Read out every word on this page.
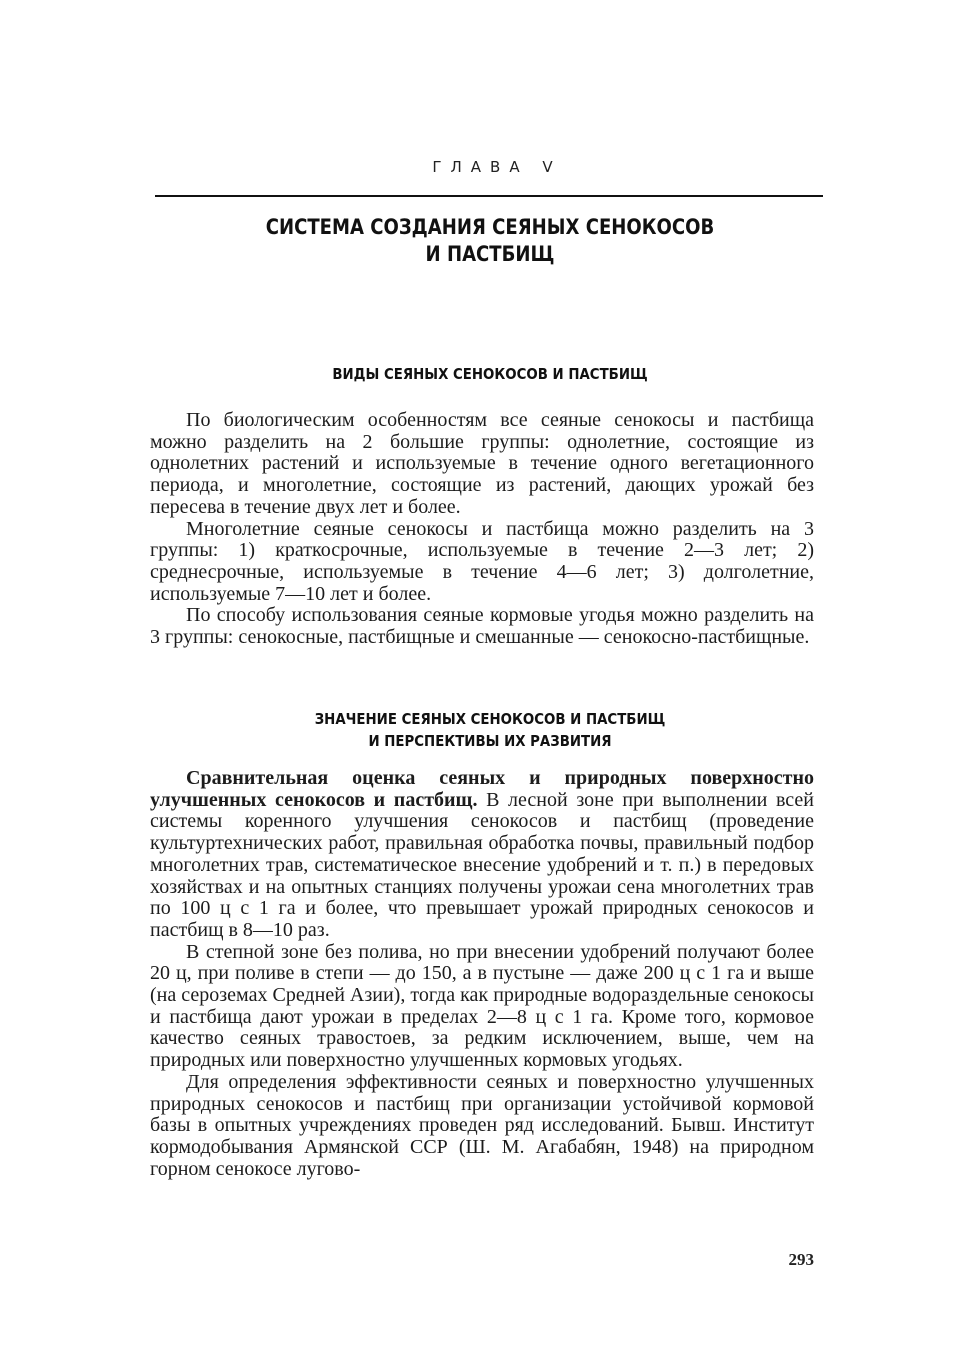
ГЛАВА V
СИСТЕМА СОЗДАНИЯ СЕЯНЫХ СЕНОКОСОВ
И ПАСТБИЩ
ВИДЫ СЕЯНЫХ СЕНОКОСОВ И ПАСТБИЩ

По биологическим особенностям все сеяные сенокосы и пастбища можно разделить на 2 большие группы: однолетние, состоящие из однолетних растений и используемые в течение одного вегетационного периода, и многолетние, состоящие из растений, дающих урожай без пересева в течение двух лет и более.

Многолетние сеяные сенокосы и пастбища можно разделить на 3 группы: 1) краткосрочные, используемые в течение 2—3 лет; 2) среднесрочные, используемые в течение 4—6 лет; 3) долголетние, используемые 7—10 лет и более.

По способу использования сеяные кормовые угодья можно разделить на 3 группы: сенокосные, пастбищные и смешанные — сенокосно-пастбищные.

ЗНАЧЕНИЕ СЕЯНЫХ СЕНОКОСОВ И ПАСТБИЩ
И ПЕРСПЕКТИВЫ ИХ РАЗВИТИЯ

Сравнительная оценка сеяных и природных поверхностно улучшенных сенокосов и пастбищ. В лесной зоне при выполнении всей системы коренного улучшения сенокосов и пастбищ (проведение культуртехнических работ, правильная обработка почвы, правильный подбор многолетних трав, систематическое внесение удобрений и т. п.) в передовых хозяйствах и на опытных станциях получены урожаи сена многолетних трав по 100 ц с 1 га и более, что превышает урожай природных сенокосов и пастбищ в 8—10 раз.

В степной зоне без полива, но при внесении удобрений получают более 20 ц, при поливе в степи — до 150, а в пустыне — даже 200 ц с 1 га и выше (на сероземах Средней Азии), тогда как природные водораздельные сенокосы и пастбища дают урожаи в пределах 2—8 ц с 1 га. Кроме того, кормовое качество сеяных травостоев, за редким исключением, выше, чем на природных или поверхностно улучшенных кормовых угодьях.

Для определения эффективности сеяных и поверхностно улучшенных природных сенокосов и пастбищ при организации устойчивой кормовой базы в опытных учреждениях проведен ряд исследований. Бывш. Институт кормодобывания Армянской ССР (Ш. М. Агабабян, 1948) на природном горном сенокосе лугово-

293
